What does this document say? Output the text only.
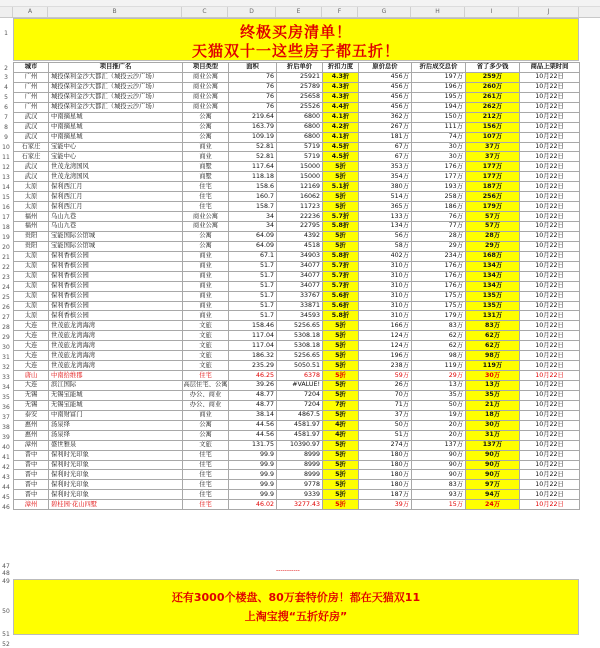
A	B	C	D	E	F	G	H	I	J
1
2
3
4
5
6
7
8
9
10
11
12
13
14
15
16
17
18
19
20
21
22
23
24
25
26
27
28
29
30
31
32
33
34
35
36
37
38
39
40
41
42
43
44
45
46
47
48
49
50
51
52
终极买房清单！
天猫双十一这些房子都五折！
城市	项目推广名	项目类型	面积	折后单价	折扣力度	原价总价	折后成交总价	省了多少钱	商品上架时间
广州	城投保利金沙大都汇（城投云沙广场）	商业公寓	76	25921	4.3折	456万	197万	259万	10月22日
广州	城投保利金沙大都汇（城投云沙广场）	商业公寓	76	25789	4.3折	456万	196万	260万	10月22日
广州	城投保利金沙大都汇（城投云沙广场）	商业公寓	76	25658	4.3折	456万	195万	261万	10月22日
广州	城投保利金沙大都汇（城投云沙广场）	商业公寓	76	25526	4.4折	456万	194万	262万	10月22日
武汉	中南摘星城	公寓	219.64	6800	4.1折	362万	150万	212万	10月22日
武汉	中南摘星城	公寓	163.79	6800	4.2折	267万	111万	156万	10月22日
武汉	中南摘星城	公寓	109.19	6800	4.1折	181万	74万	107万	10月22日
石家庄	宝能中心	商业	52.81	5719	4.5折	67万	30万	37万	10月22日
石家庄	宝能中心	商业	52.81	5719	4.5折	67万	30万	37万	10月22日
武汉	世茂龙湾国风	商墅	117.64	15000	5折	353万	176万	177万	10月22日
武汉	世茂龙湾国风	商墅	118.18	15000	5折	354万	177万	177万	10月22日
太原	保利西江月	住宅	158.6	12169	5.1折	380万	193万	187万	10月22日
太原	保利西江月	住宅	160.7	16062	5折	514万	258万	256万	10月22日
太原	保利西江月	住宅	158.7	11723	5折	365万	186万	179万	10月22日
福州	乌山九巷	商业公寓	34	22236	5.7折	133万	76万	57万	10月22日
福州	乌山九巷	商业公寓	34	22795	5.8折	134万	77万	57万	10月22日
贵阳	宝能国际公馆城	公寓	64.09	4392	5折	56万	28万	28万	10月22日
贵阳	宝能国际公馆城	公寓	64.09	4518	5折	58万	29万	29万	10月22日
太原	保利香槟公园	商业	67.1	34903	5.8折	402万	234万	168万	10月22日
太原	保利香槟公园	商业	51.7	34077	5.7折	310万	176万	134万	10月22日
太原	保利香槟公园	商业	51.7	34077	5.7折	310万	176万	134万	10月22日
太原	保利香槟公园	商业	51.7	34077	5.7折	310万	176万	134万	10月22日
太原	保利香槟公园	商业	51.7	33767	5.6折	310万	175万	135万	10月22日
太原	保利香槟公园	商业	51.7	33871	5.6折	310万	175万	135万	10月22日
太原	保利香槟公园	商业	51.7	34593	5.8折	310万	179万	131万	10月22日
大连	世茂旅龙湾海湾	文旅	158.46	5256.65	5折	166万	83万	83万	10月22日
大连	世茂旅龙湾海湾	文旅	117.04	5308.18	5折	124万	62万	62万	10月22日
大连	世茂旅龙湾海湾	文旅	117.04	5308.18	5折	124万	62万	62万	10月22日
大连	世茂旅龙湾海湾	文旅	186.32	5256.65	5折	196万	98万	98万	10月22日
大连	世茂旅龙湾海湾	文旅	235.29	5050.51	5折	238万	119万	119万	10月22日
唐山	中南拾维郡	住宅	46.25	6378	5折	59万	29万	30万	10月22日
大连	滨江国际	高层住宅、公寓	39.26	#VALUE!	5折	26万	13万	13万	10月22日
无锡	无锡宝能城	办公、商业	48.77	7204	5折	70万	35万	35万	10月22日
无锡	无锡宝能城	办公、商业	48.77	7204	7折	71万	50万	21万	10月22日
泰安	中南财富门	商业	38.14	4867.5	5折	37万	19万	18万	10月22日
惠州	汤泉绎	公寓	44.56	4581.97	4折	50万	20万	30万	10月22日
惠州	汤泉绎	公寓	44.56	4581.97	4折	51万	20万	31万	10月22日
漳州	盛世雅泉	文旅	131.75	10390.97	5折	274万	137万	137万	10月22日
晋中	保利时光印象	住宅	99.9	8999	5折	180万	90万	90万	10月22日
晋中	保利时光印象	住宅	99.9	8999	5折	180万	90万	90万	10月22日
晋中	保利时光印象	住宅	99.9	8999	5折	180万	90万	90万	10月22日
晋中	保利时光印象	住宅	99.9	9778	5折	180万	83万	97万	10月22日
晋中	保利时光印象	住宅	99.9	9339	5折	187万	93万	94万	10月22日
漳州	碧桂园·花山四墅	住宅	46.02	3277.43	5折	39万	15万	24万	10月22日
-----------
还有3000个楼盘、80万套特价房！都在天猫双11
上淘宝搜“五折好房”
